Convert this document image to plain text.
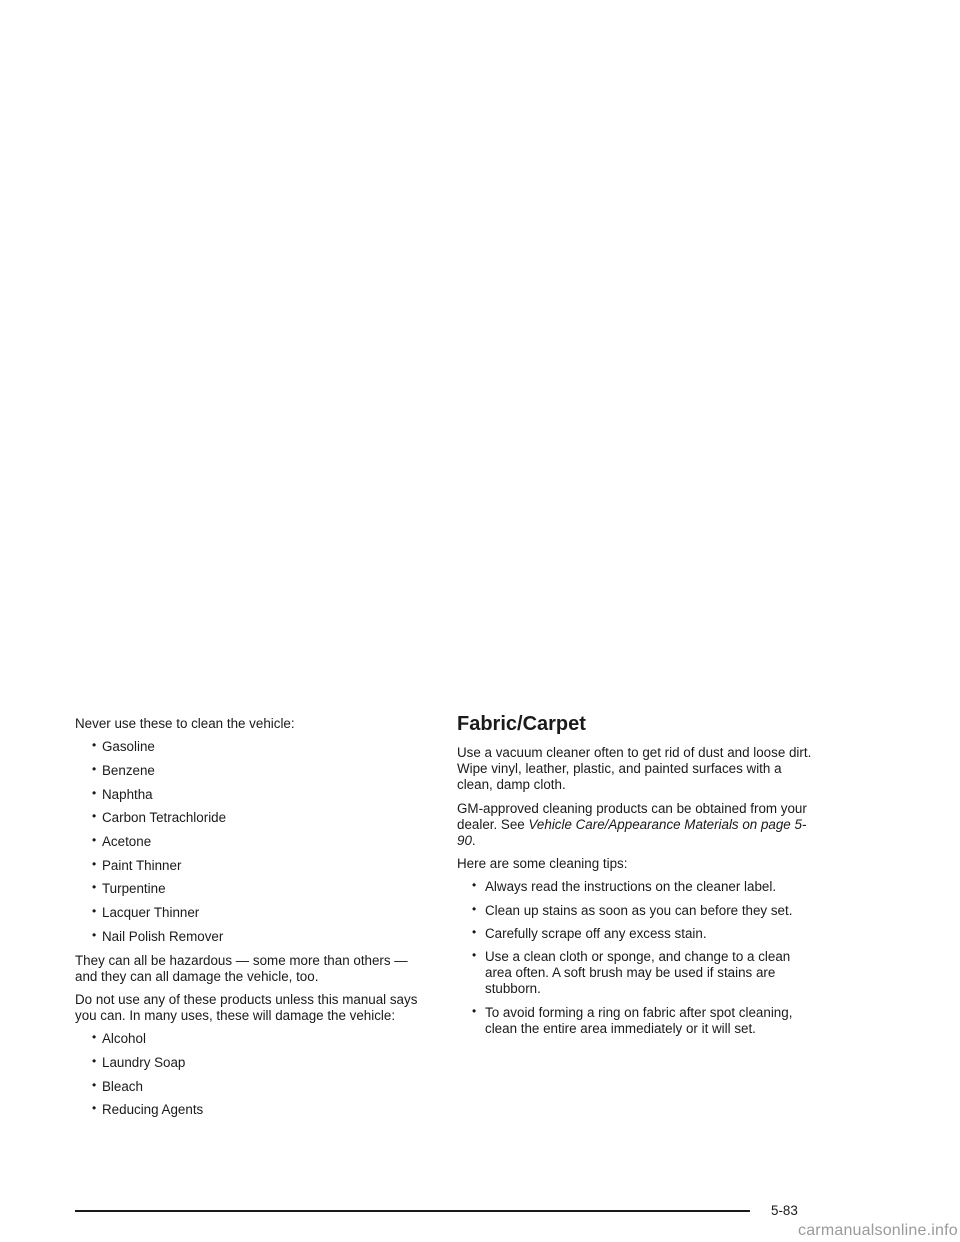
Never use these to clean the vehicle:

• Gasoline
• Benzene
• Naphtha
• Carbon Tetrachloride
• Acetone
• Paint Thinner
• Turpentine
• Lacquer Thinner
• Nail Polish Remover

They can all be hazardous — some more than others —and they can all damage the vehicle, too.

Do not use any of these products unless this manual says you can. In many uses, these will damage the vehicle:

• Alcohol
• Laundry Soap
• Bleach
• Reducing Agents
Fabric/Carpet

Use a vacuum cleaner often to get rid of dust and loose dirt. Wipe vinyl, leather, plastic, and painted surfaces with a clean, damp cloth.

GM-approved cleaning products can be obtained from your dealer. See Vehicle Care/Appearance Materials on page 5-90.

Here are some cleaning tips:

• Always read the instructions on the cleaner label.
• Clean up stains as soon as you can before they set.
• Carefully scrape off any excess stain.
• Use a clean cloth or sponge, and change to a clean area often. A soft brush may be used if stains are stubborn.
• To avoid forming a ring on fabric after spot cleaning, clean the entire area immediately or it will set.
5-83
carmanualsonline.info
